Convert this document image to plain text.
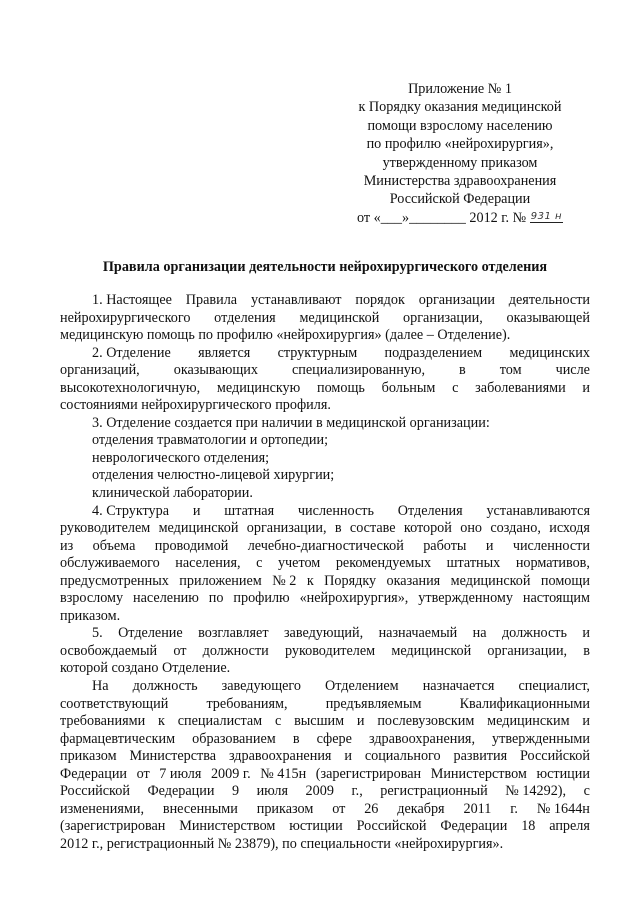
Приложение № 1
к Порядку оказания медицинской
помощи взрослому населению
по профилю «нейрохирургия»,
утвержденному приказом
Министерства здравоохранения
Российской Федерации
от «___»________ 2012 г. № $^{931 н}$
Правила организации деятельности нейрохирургического отделения
1. Настоящее Правила устанавливают порядок организации деятельности
нейрохирургического отделения медицинской организации, оказывающей
медицинскую помощь по профилю «нейрохирургия» (далее – Отделение).
2. Отделение является структурным подразделением медицинских
организаций, оказывающих специализированную, в том числе
высокотехнологичную, медицинскую помощь больным с заболеваниями и
состояниями нейрохирургического профиля.
3. Отделение создается при наличии в медицинской организации:
отделения травматологии и ортопедии;
неврологического отделения;
отделения челюстно-лицевой хирургии;
клинической лаборатории.
4. Структура и штатная численность Отделения устанавливаются
руководителем медицинской организации, в составе которой оно создано, исходя
из объема проводимой лечебно-диагностической работы и численности
обслуживаемого населения, с учетом рекомендуемых штатных нормативов,
предусмотренных приложением № 2 к Порядку оказания медицинской помощи
взрослому населению по профилю «нейрохирургия», утвержденному настоящим
приказом.
5. Отделение возглавляет заведующий, назначаемый на должность и
освобождаемый от должности руководителем медицинской организации, в
которой создано Отделение.
На должность заведующего Отделением назначается специалист,
соответствующий	требованиям,	предъявляемым	Квалификационными
требованиями к специалистам с высшим и послевузовским медицинским и
фармацевтическим образованием в сфере здравоохранения, утвержденными
приказом Министерства здравоохранения и социального развития Российской
Федерации от 7 июля 2009 г. № 415н (зарегистрирован Министерством юстиции
Российской Федерации 9 июля 2009 г., регистрационный № 14292), с
изменениями, внесенными приказом от 26 декабря 2011 г. № 1644н
(зарегистрирован Министерством юстиции Российской Федерации 18 апреля
2012 г., регистрационный № 23879), по специальности «нейрохирургия».
